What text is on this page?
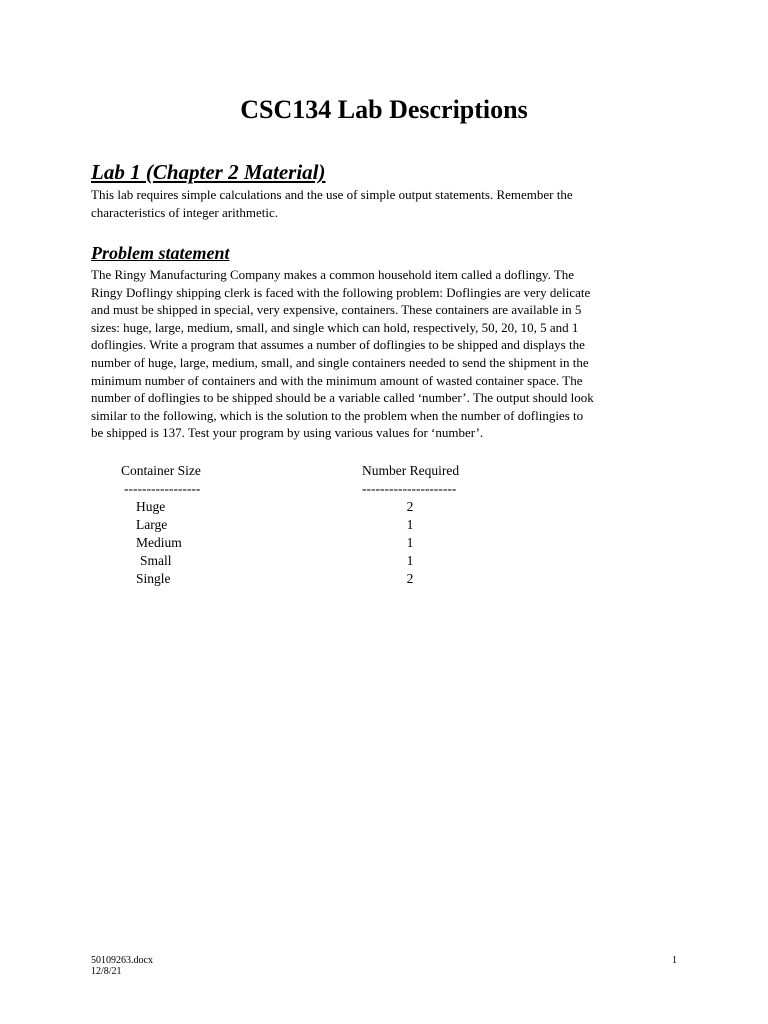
CSC134 Lab Descriptions
Lab 1 (Chapter 2 Material)
This lab requires simple calculations and the use of simple output statements. Remember the
characteristics of integer arithmetic.
Problem statement
The Ringy Manufacturing Company makes a common household item called a doflingy. The
Ringy Doflingy shipping clerk is faced with the following problem: Doflingies are very delicate
and must be shipped in special, very expensive, containers. These containers are available in 5
sizes: huge, large, medium, small, and single which can hold, respectively, 50, 20, 10, 5 and 1
doflingies. Write a program that assumes a number of doflingies to be shipped and displays the
number of huge, large, medium, small, and single containers needed to send the shipment in the
minimum number of containers and with the minimum amount of wasted container space. The
number of doflingies to be shipped should be a variable called ‘number’. The output should look
similar to the following, which is the solution to the problem when the number of doflingies to
be shipped is 137. Test your program by using various values for ‘number’.
Container Size	Number Required
-----------------	---------------------
Huge	2
Large	1
Medium	1
Small	1
Single	2
50109263.docx
12/8/21
1
